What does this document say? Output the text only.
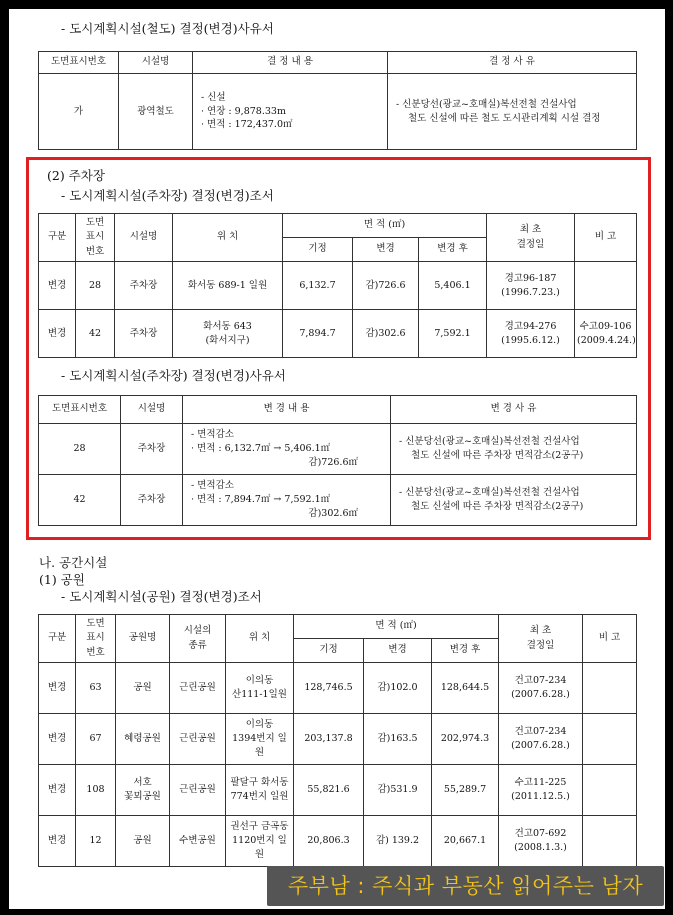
- 도시계획시설(철도) 결정(변경)사유서
도면표시번호	시설명	결 정 내 용	결 정 사 유
가	광역철도	- 신설
· 연장 : 9,878.33m
· 면적 : 172,437.0㎡	- 신분당선(광교~호매실)복선전철 건설사업
철도 신설에 따른 철도 도시관리계획 시설 결정
(2) 주차장
- 도시계획시설(주차장) 결정(변경)조서
구분	도면
표시
번호	시설명	위 치	면 적 (㎡)			최 초
결정일	비 고
				기정	변경	변경 후		
변경	28	주차장	화서동 689-1 일원	6,132.7	감)726.6	5,406.1	경고96-187
(1996.7.23.)	

변경	42	주차장	화서동 643
(화서지구)	7,894.7	감)302.6	7,592.1	경고94-276
(1995.6.12.)	수고09-106
(2009.4.24.)
- 도시계획시설(주차장) 결정(변경)사유서
도면표시번호	시설명	변 경 내 용	변 경 사 유
28	주차장	- 면적감소
· 면적 : 6,132.7㎡ → 5,406.1㎡
감)726.6㎡	- 신분당선(광교~호매실)복선전철 건설사업
철도 신설에 따른 주차장 면적감소(2공구)

42	주차장	- 면적감소
· 면적 : 7,894.7㎡ → 7,592.1㎡
감)302.6㎡	- 신분당선(광교~호매실)복선전철 건설사업
철도 신설에 따른 주차장 면적감소(2공구)
나. 공간시설
(1) 공원
- 도시계획시설(공원) 결정(변경)조서
구분	도면
표시
번호	공원명	시설의
종류	위 치	면 적 (㎡)			최 초
결정일	비 고
					기정	변경	변경 후		
변경	63	공원	근린공원	이의동
산111-1일원	128,746.5	감)102.0	128,644.5	건고07-234
(2007.6.28.)	

변경	67	혜령공원	근린공원	이의동
1394번지 일원	203,137.8	감)163.5	202,974.3	건고07-234
(2007.6.28.)	

변경	108	서호
꽃뫼공원	근린공원	팔달구 화서동
774번지 일원	55,821.6	감)531.9	55,289.7	수고11-225
(2011.12.5.)	

변경	12	공원	수변공원	권선구 금곡동
1120번지 일원	20,806.3	감) 139.2	20,667.1	건고07-692
(2008.1.3.)	

주부남 : 주식과 부동산 읽어주는 남자
